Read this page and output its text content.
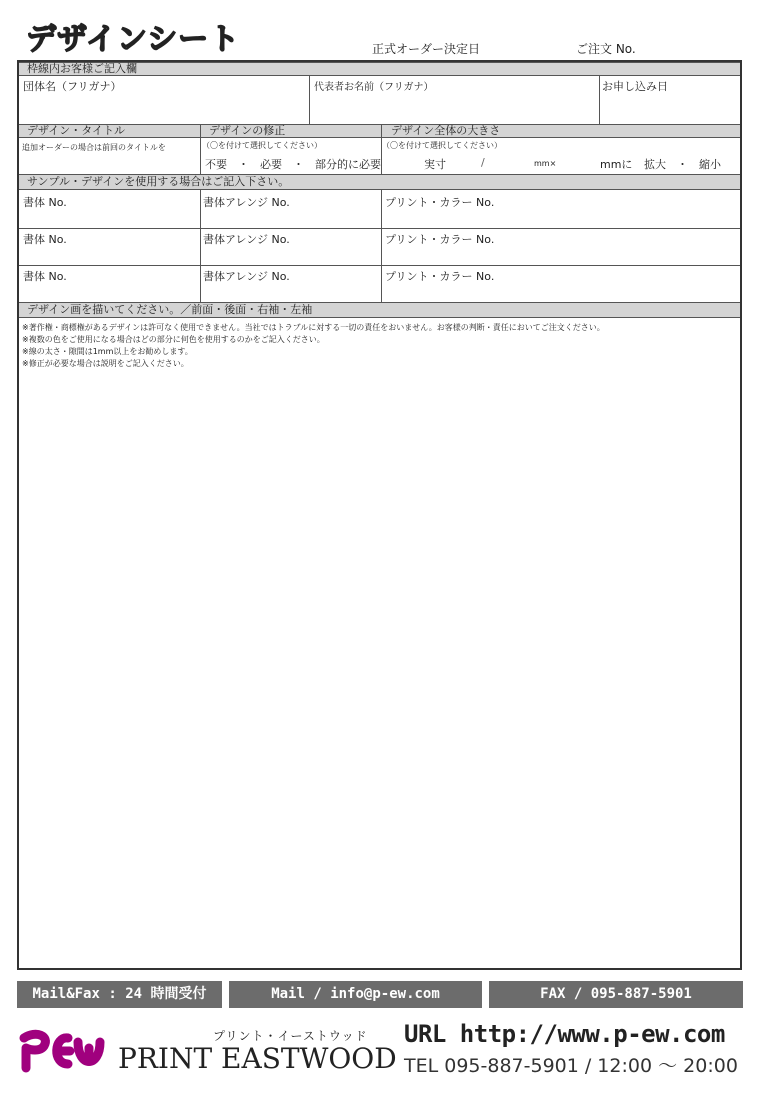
デザインシート	正式オーダー決定日	ご注文 No.
枠線内お客様ご記入欄
団体名（フリガナ）	代表者お名前（フリガナ）	お申し込み日
デザイン・タイトル	デザインの修正	デザイン全体の大きさ
追加オーダーの場合は前回のタイトルを	（〇を付けて選択してください）	（〇を付けて選択してください）
不要　・　必要　・　部分的に必要	実寸	/	mm×	mmに 拡大　・　縮小
サンプル・デザインを使用する場合はご記入下さい。
書体 No.	書体アレンジ No.	プリント・カラー No.
書体 No.	書体アレンジ No.	プリント・カラー No.
書体 No.	書体アレンジ No.	プリント・カラー No.
デザイン画を描いてください。／前面・後面・右袖・左袖
※著作権・商標権があるデザインは許可なく使用できません。当社ではトラブルに対する一切の責任をおいません。お客様の判断・責任においてご注文ください。
※複数の色をご使用になる場合はどの部分に何色を使用するのかをご記入ください。
※線の太さ・隙間は1mm以上をお勧めします。
※修正が必要な場合は説明をご記入ください。
Mail&Fax : 24 時間受付	Mail / info@p-ew.com	FAX / 095-887-5901
プリント・イーストウッド
PRINT EASTWOOD
URL http://www.p-ew.com
TEL 095-887-5901 / 12:00 ～ 20:00
